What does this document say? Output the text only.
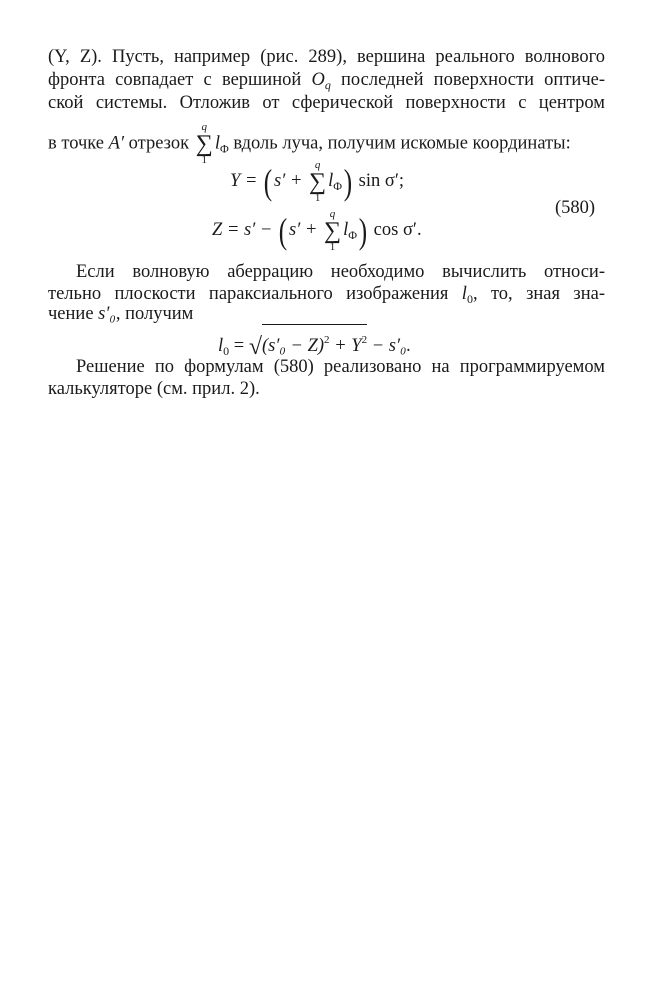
(Y, Z). Пусть, например (рис. 289), вершина реального волнового
фронта совпадает с вершиной $O_q$ последней поверхности оптиче-
ской системы. Отложив от сферической поверхности с центром
в точке A′ отрезок
q
∑
1
$l_\Phi$ вдоль луча, получим искомые координаты:
Y = (s′ +
q
∑
1
$l_\Phi$) sin σ′;
(580)
Z = s′ − (s′ +
q
∑
1
$l_\Phi$) cos σ′.
Если волновую аберрацию необходимо вычислить относи-
тельно плоскости параксиального изображения $l_0$, то, зная зна-
чение s′₀, получим
$l_0 = √(s'_0 - Z)^2 + Y^2 - s'_0$.
Решение по формулам (580) реализовано на программируемом
калькуляторе (см. прил. 2).
